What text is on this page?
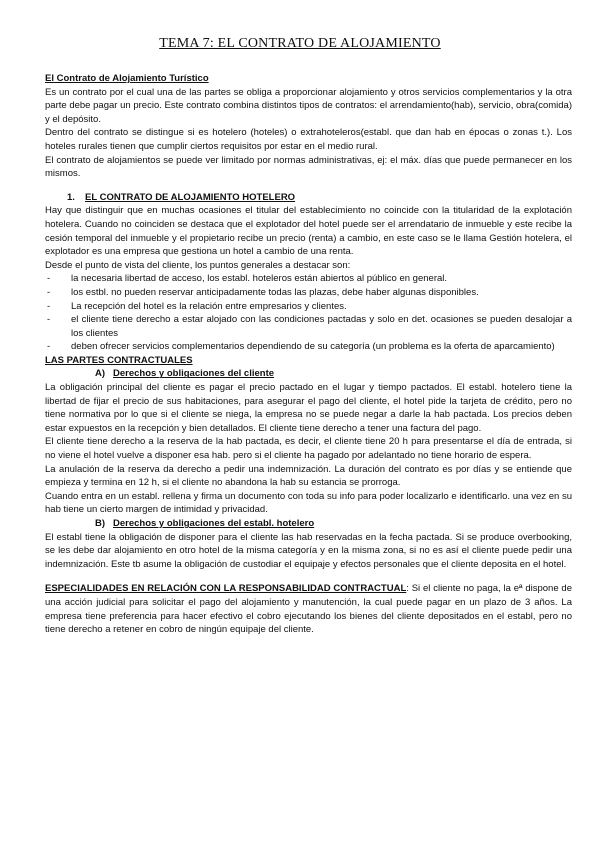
TEMA 7: EL CONTRATO DE ALOJAMIENTO
El Contrato de Alojamiento Turístico

Es un contrato por el cual una de las partes se obliga a proporcionar alojamiento y otros servicios complementarios y la otra parte debe pagar un precio. Este contrato combina distintos tipos de contratos: el arrendamiento(hab), servicio, obra(comida) y el depósito.

Dentro del contrato se distingue si es hotelero (hoteles) o extrahoteleros(establ. que dan hab en épocas o zonas t.). Los hoteles rurales tienen que cumplir ciertos requisitos por estar en el medio rural.

El contrato de alojamientos se puede ver limitado por normas administrativas, ej: el máx. días que puede permanecer en los mismos.

1. EL CONTRATO DE ALOJAMIENTO HOTELERO

Hay que distinguir que en muchas ocasiones el titular del establecimiento no coincide con la titularidad de la explotación hotelera. Cuando no coinciden se destaca que el explotador del hotel puede ser el arrendatario de inmueble y este recibe la cesión temporal del inmueble y el propietario recibe un precio (renta) a cambio, en este caso se le llama Gestión hotelera, el explotador es una empresa que gestiona un hotel a cambio de una renta.

Desde el punto de vista del cliente, los puntos generales a destacar son:

- la necesaria libertad de acceso, los establ. hoteleros están abiertos al público en general.
- los estbl. no pueden reservar anticipadamente todas las plazas, debe haber algunas disponibles.
- La recepción del hotel es la relación entre empresarios y clientes.
- el cliente tiene derecho a estar alojado con las condiciones pactadas y solo en det. ocasiones se pueden desalojar a los clientes
- deben ofrecer servicios complementarios dependiendo de su categoría (un problema es la oferta de aparcamiento)
LAS PARTES CONTRACTUALES
A) Derechos y obligaciones del cliente

La obligación principal del cliente es pagar el precio pactado en el lugar y tiempo pactados. El establ. hotelero tiene la libertad de fijar el precio de sus habitaciones, para asegurar el pago del cliente, el hotel pide la tarjeta de crédito, pero no tiene normativa por lo que si el cliente se niega, la empresa no se puede negar a darle la hab pactada. Los precios deben estar expuestos en la recepción y bien detallados. El cliente tiene derecho a tener una factura del pago.

El cliente tiene derecho a la reserva de la hab pactada, es decir, el cliente tiene 20 h para presentarse el día de entrada, si no viene el hotel vuelve a disponer esa hab. pero si el cliente ha pagado por adelantado no tiene horario de espera.

La anulación de la reserva da derecho a pedir una indemnización. La duración del contrato es por días y se entiende que empieza y termina en 12 h, si el cliente no abandona la hab su estancia se prorroga.

Cuando entra en un establ. rellena y firma un documento con toda su info para poder localizarlo e identificarlo. una vez en su hab tiene un cierto margen de intimidad y privacidad.

B) Derechos y obligaciones del establ. hotelero

El establ tiene la obligación de disponer para el cliente las hab reservadas en la fecha pactada. Si se produce overbooking, se les debe dar alojamiento en otro hotel de la misma categoría y en la misma zona, si no es así el cliente puede pedir una indemnización. Este tb asume la obligación de custodiar el equipaje y efectos personales que el cliente deposita en el hotel.

ESPECIALIDADES EN RELACIÓN CON LA RESPONSABILIDAD CONTRACTUAL: Si el cliente no paga, la eª dispone de una acción judicial para solicitar el pago del alojamiento y manutención, la cual puede pagar en un plazo de 3 años. La empresa tiene preferencia para hacer efectivo el cobro ejecutando los bienes del cliente depositados en el establ, pero no tiene derecho a retener en cobro de ningún equipaje del cliente.
